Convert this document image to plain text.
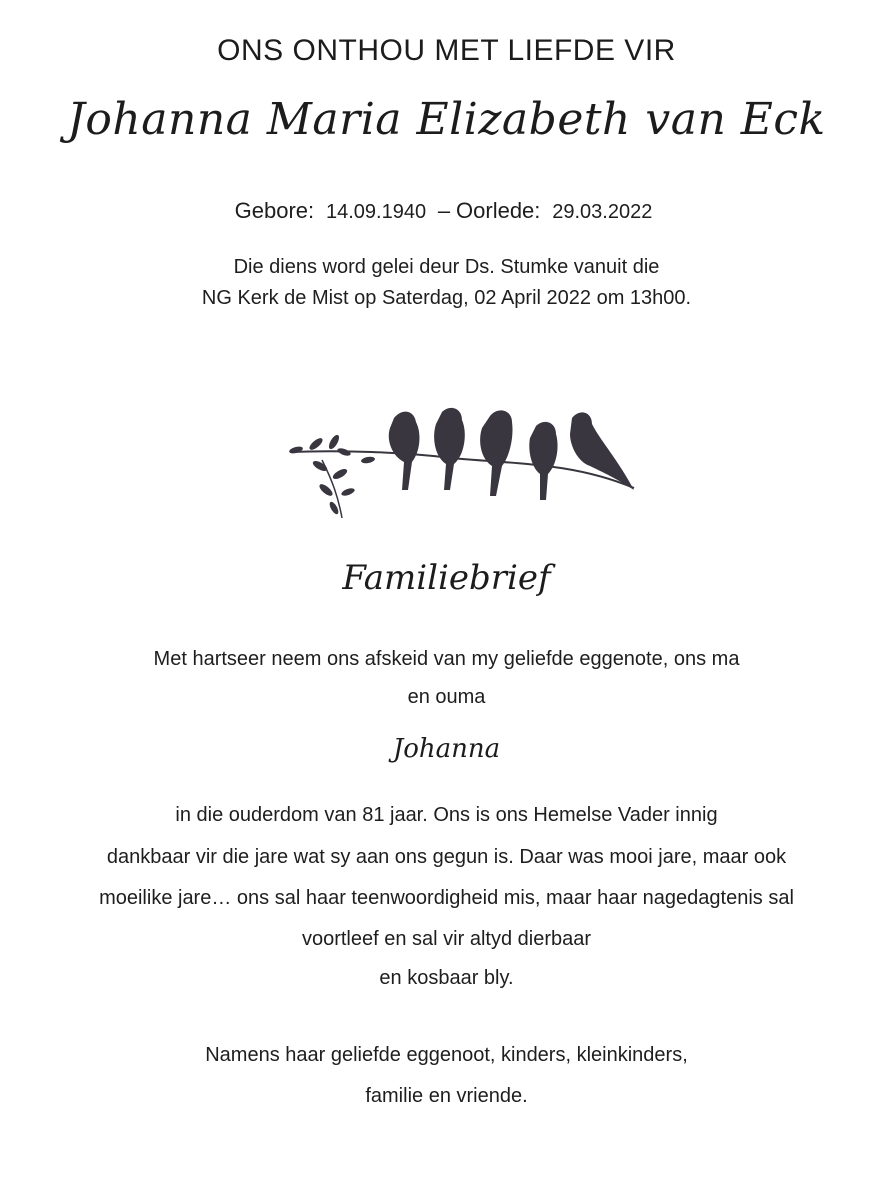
ONS ONTHOU MET LIEFDE VIR
Johanna Maria Elizabeth van Eck
Gebore: 14.09.1940 – Oorlede: 29.03.2022
Die diens word gelei deur Ds. Stumke vanuit die
NG Kerk de Mist op Saterdag, 02 April 2022 om 13h00.
Familiebrief
Met hartseer neem ons afskeid van my geliefde eggenote, ons ma
en ouma
Johanna
in die ouderdom van 81 jaar. Ons is ons Hemelse Vader innig
dankbaar vir die jare wat sy aan ons gegun is. Daar was mooi jare, maar ook
moeilike jare… ons sal haar teenwoordigheid mis, maar haar nagedagtenis sal
voortleef en sal vir altyd dierbaar
en kosbaar bly.
Namens haar geliefde eggenoot, kinders, kleinkinders,
familie en vriende.
